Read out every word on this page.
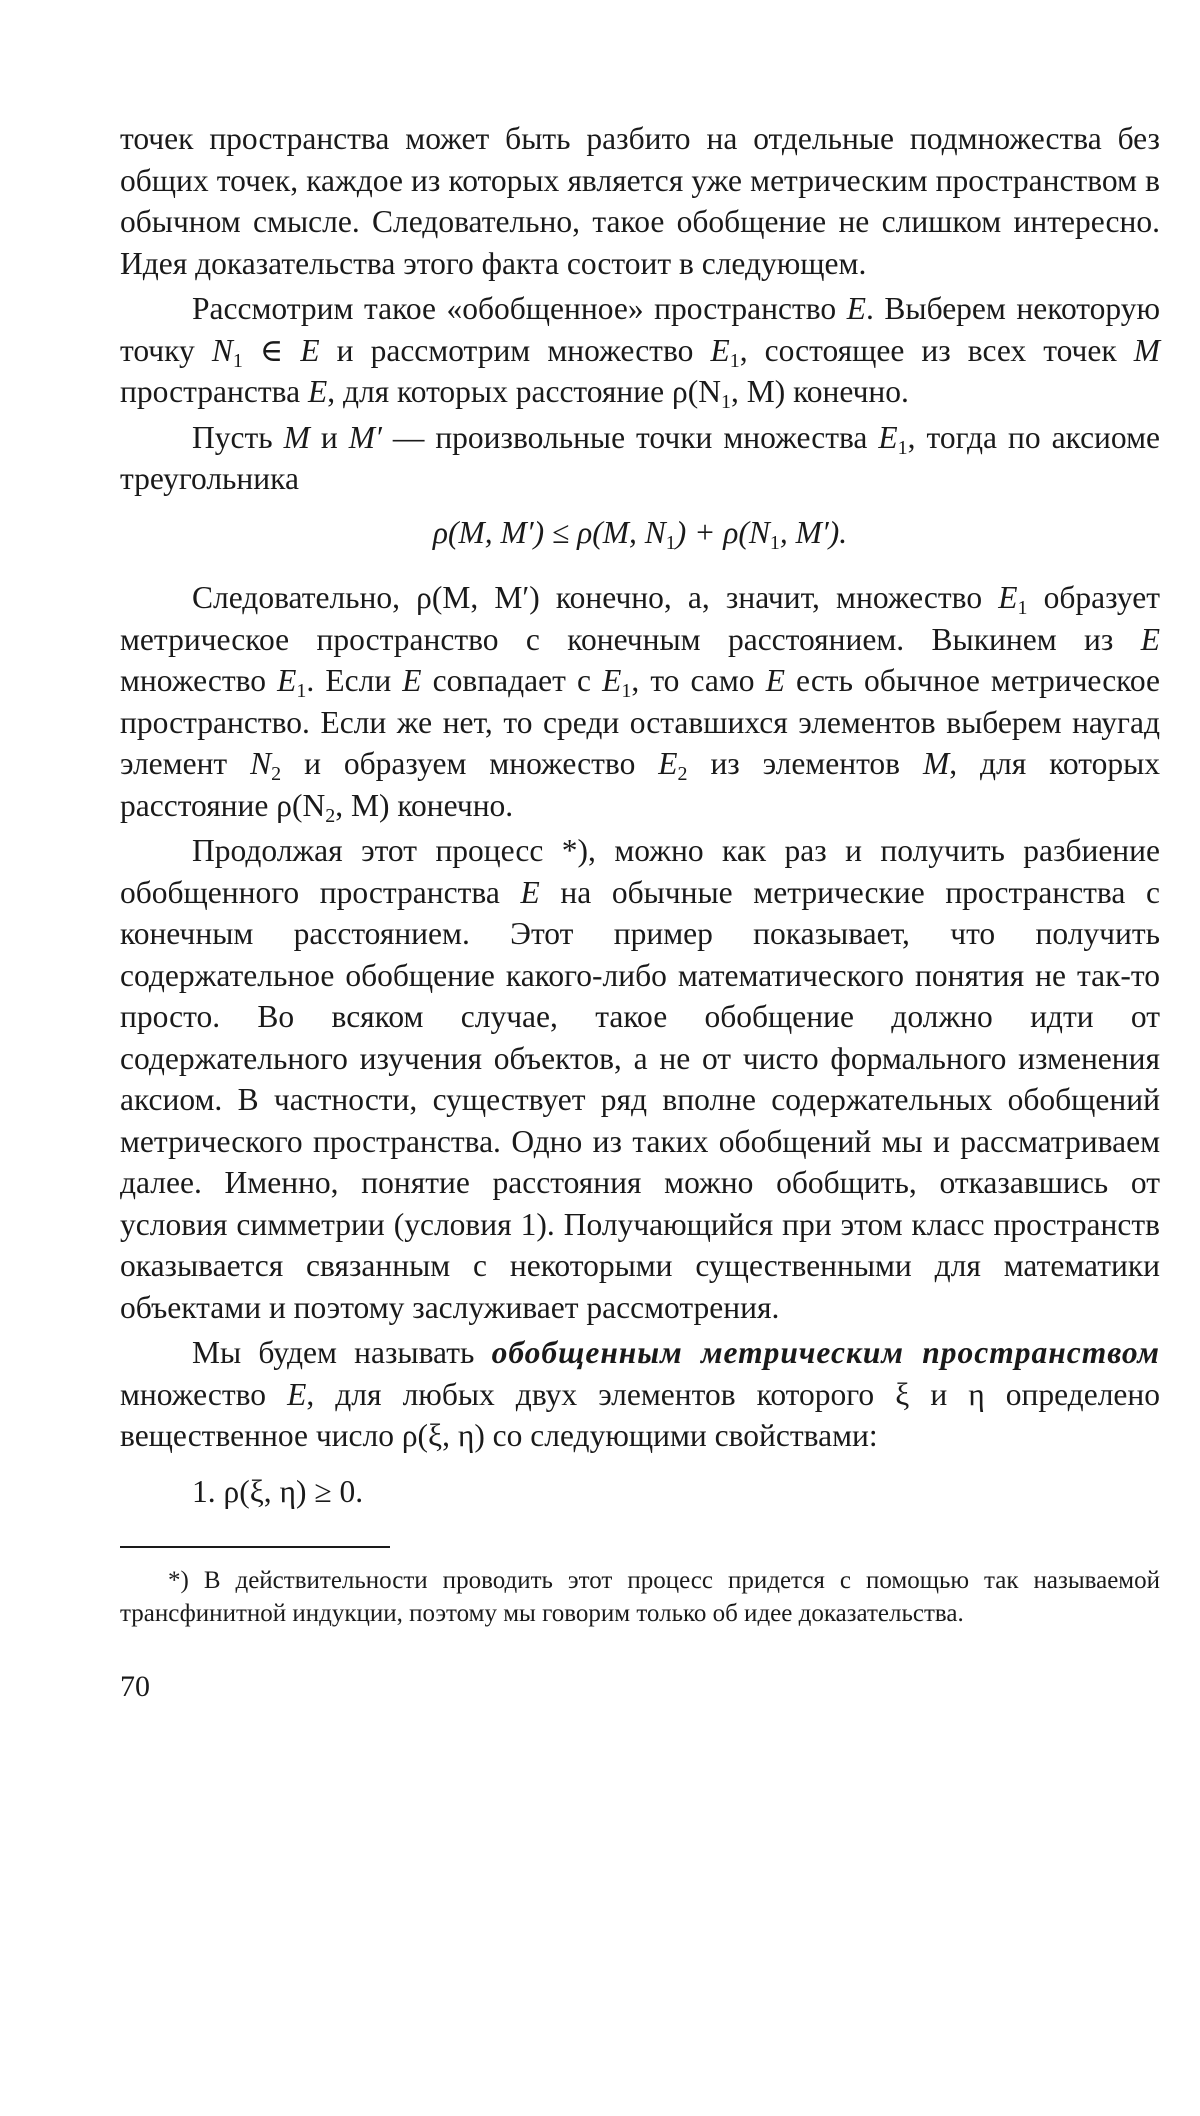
точек пространства может быть разбито на отдельные подмножества без общих точек, каждое из которых является уже метрическим пространством в обычном смысле. Следовательно, такое обобщение не слишком интересно. Идея доказательства этого факта состоит в следующем.

Рассмотрим такое «обобщенное» пространство E. Выберем некоторую точку $N_1$ ∈ E и рассмотрим множество $E_1$, состоящее из всех точек M пространства E, для которых расстояние $\rho(N_1$, M) конечно.

Пусть M и M′ — произвольные точки множества $E_1$, тогда по аксиоме треугольника

ρ(M, M′) ≤ ρ(M, $N_1) + \rho(N_1$, M′).

Следовательно, ρ(M, M′) конечно, а, значит, множество $E_1$ образует метрическое пространство с конечным расстоянием. Выкинем из E множество $E_1$. Если E совпадает с $E_1$, то само E есть обычное метрическое пространство. Если же нет, то среди оставшихся элементов выберем наугад элемент $N_2$ и образуем множество $E_2$ из элементов M, для которых расстояние $\rho(N_2$, M) конечно.

Продолжая этот процесс *), можно как раз и получить разбиение обобщенного пространства E на обычные метрические пространства с конечным расстоянием. Этот пример показывает, что получить содержательное обобщение какого-либо математического понятия не так-то просто. Во всяком случае, такое обобщение должно идти от содержательного изучения объектов, а не от чисто формального изменения аксиом. В частности, существует ряд вполне содержательных обобщений метрического пространства. Одно из таких обобщений мы и рассматриваем далее. Именно, понятие расстояния можно обобщить, отказавшись от условия симметрии (условия 1). Получающийся при этом класс пространств оказывается связанным с некоторыми существенными для математики объектами и поэтому заслуживает рассмотрения.

Мы будем называть обобщенным метрическим пространством множество E, для любых двух элементов которого ξ и η определено вещественное число ρ(ξ, η) со следующими свойствами:

1. ρ(ξ, η) ≥ 0.

*) В действительности проводить этот процесс придется с помощью так называемой трансфинитной индукции, поэтому мы говорим только об идее доказательства.

70
